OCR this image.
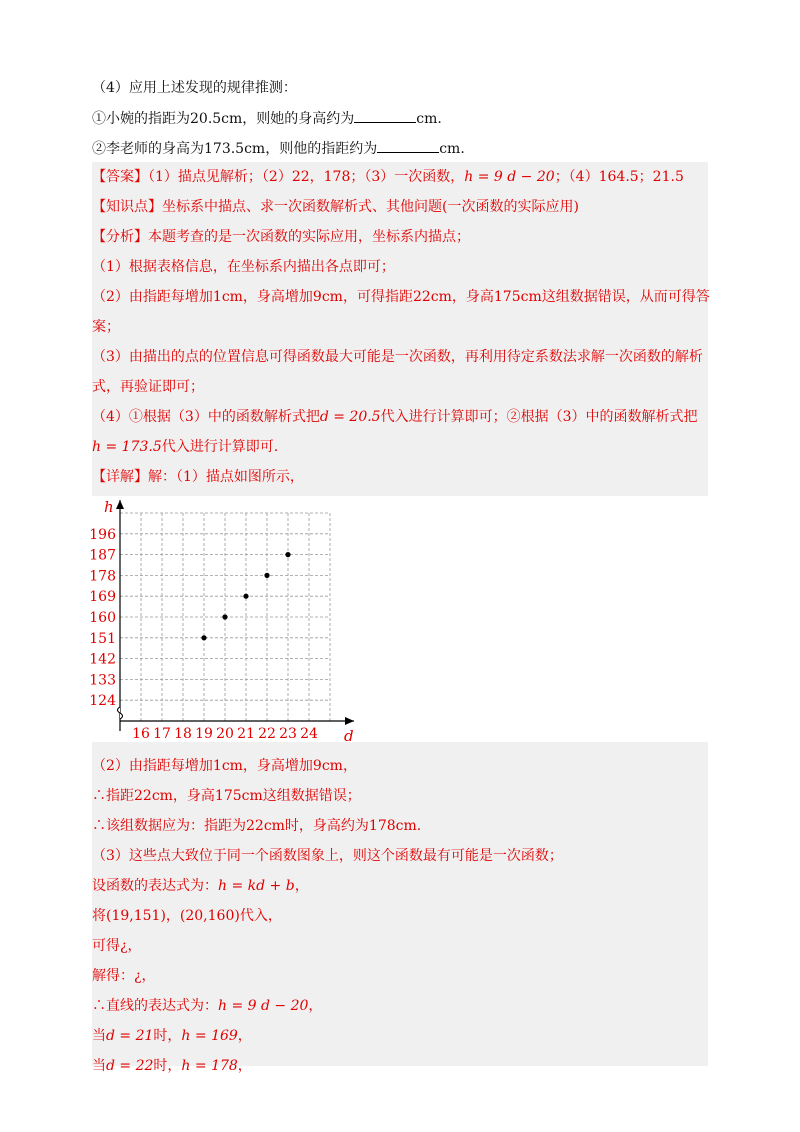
（4）应用上述发现的规律推测：
①小婉的指距为20.5cm，则她的身高约为	cm.
②李老师的身高为173.5cm，则他的指距约为	cm.
【答案】（1）描点见解析；（2）22，178；（3）一次函数，h = 9 d − 20；（4）164.5；21.5
【知识点】坐标系中描点、求一次函数解析式、其他问题(一次函数的实际应用)
【分析】本题考查的是一次函数的实际应用，坐标系内描点；
（1）根据表格信息，在坐标系内描出各点即可；
（2）由指距每增加1cm，身高增加9cm，可得指距22cm，身高175cm这组数据错误，从而可得答
案；
（3）由描出的点的位置信息可得函数最大可能是一次函数，再利用待定系数法求解一次函数的解析
式，再验证即可；
（4）①根据（3）中的函数解析式把d = 20.5代入进行计算即可；②根据（3）中的函数解析式把
h = 173.5代入进行计算即可.
【详解】解：（1）描点如图所示，
d
h
16 17 18 19 20 21 22 23 24
124
133
142
151
160
169
178
187
196
（2）由指距每增加1cm，身高增加9cm，
∴指距22cm，身高175cm这组数据错误；
∴该组数据应为：指距为22cm时，身高约为178cm.
（3）这些点大致位于同一个函数图象上，则这个函数最有可能是一次函数；
设函数的表达式为：h = kd + b，
将(19,151)，(20,160)代入，
可得¿，
解得：¿，
∴直线的表达式为：h = 9 d − 20，
当d = 21时，h = 169，
当d = 22时，h = 178，
